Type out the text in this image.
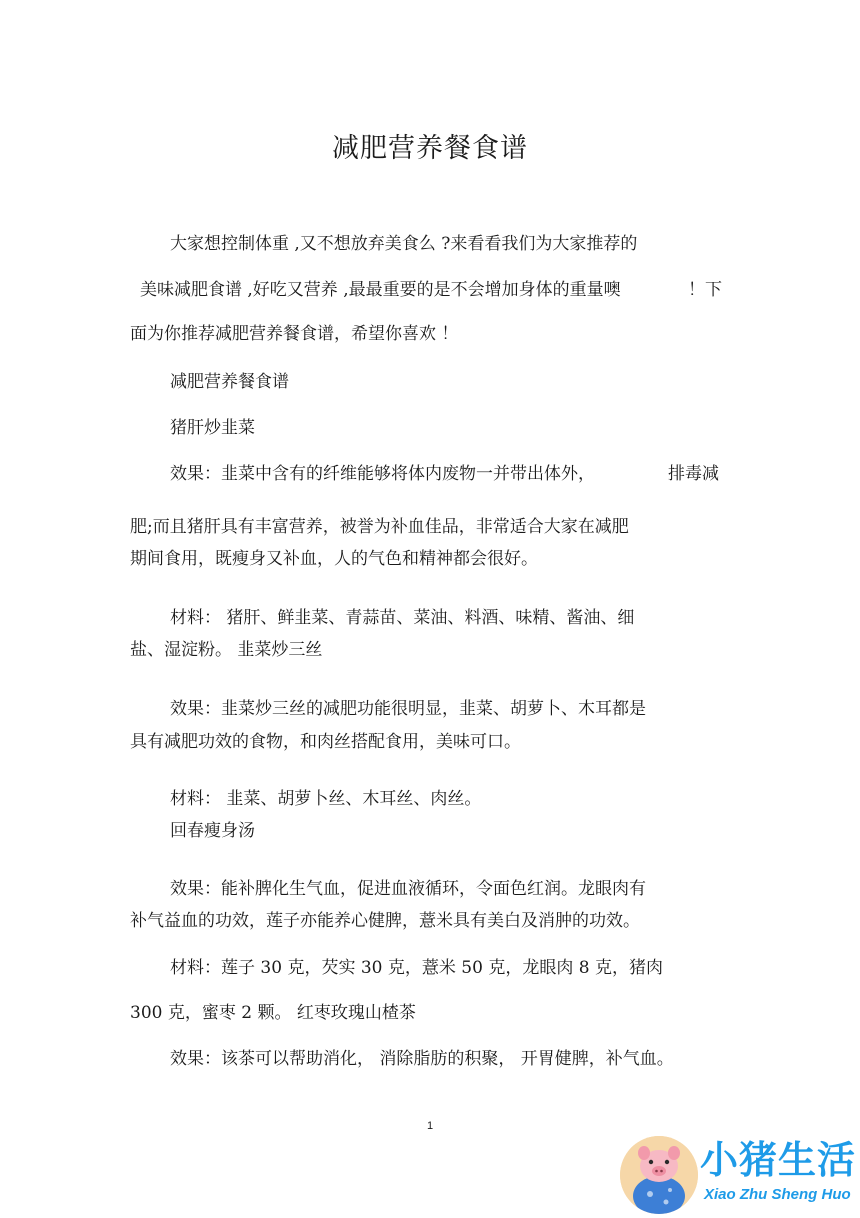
减肥营养餐食谱
大家想控制体重 ,又不想放弃美食么 ?来看看我们为大家推荐的
美味减肥食谱 ,好吃又营养 ,最最重要的是不会增加身体的重量噢	！下
面为你推荐减肥营养餐食谱，希望你喜欢 ！
减肥营养餐食谱
猪肝炒韭菜
效果：韭菜中含有的纤维能够将体内废物一并带出体外，	排毒减
肥;而且猪肝具有丰富营养，被誉为补血佳品，非常适合大家在减肥
期间食用，既瘦身又补血，人的气色和精神都会很好。
材料： 猪肝、鲜韭菜、青蒜苗、菜油、料酒、味精、酱油、细
盐、湿淀粉。 韭菜炒三丝
效果：韭菜炒三丝的减肥功能很明显，韭菜、胡萝卜、木耳都是
具有减肥功效的食物，和肉丝搭配食用，美味可口。
材料： 韭菜、胡萝卜丝、木耳丝、肉丝。
回春瘦身汤
效果：能补脾化生气血，促进血液循环，令面色红润。龙眼肉有
补气益血的功效，莲子亦能养心健脾，薏米具有美白及消肿的功效。
材料：莲子 30 克，芡实 30 克，薏米 50 克，龙眼肉 8 克，猪肉
300 克，蜜枣 2 颗。 红枣玫瑰山楂茶
效果：该茶可以帮助消化， 消除脂肪的积聚， 开胃健脾，补气血。
1
小猪生活
Xiao Zhu Sheng Huo
